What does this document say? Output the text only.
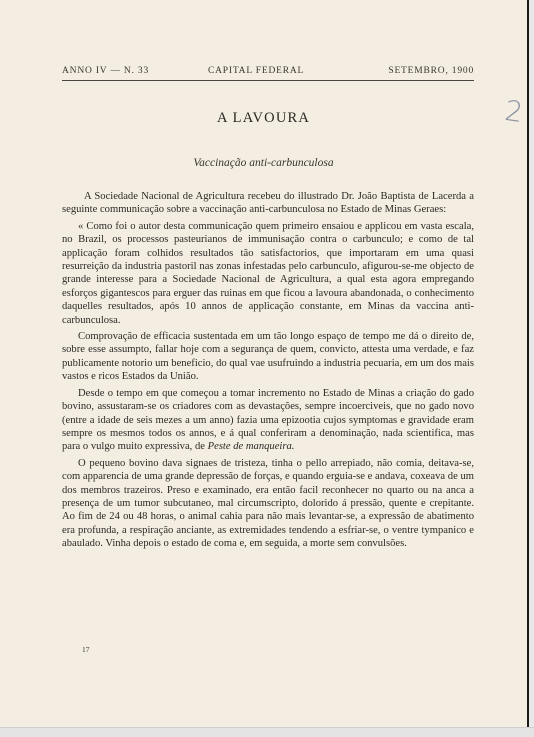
ANNO IV — N. 33	CAPITAL FEDERAL	SETEMBRO, 1900
2
A LAVOURA
Vaccinação anti-carbunculosa

A Sociedade Nacional de Agricultura recebeu do illustrado Dr. João Baptista de Lacerda a seguinte communicação sobre a vaccinação anti-carbunculosa no Estado de Minas Geraes:

« Como foi o autor desta communicação quem primeiro ensaiou e applicou em vasta escala, no Brazil, os processos pasteurianos de immunisação contra o carbunculo; e como de tal applicação foram colhidos resultados tão satisfactorios, que importaram em uma quasi resurreição da industria pastoril nas zonas infestadas pelo carbunculo, afigurou-se-me objecto de grande interesse para a Sociedade Nacional de Agricultura, a qual esta agora empregando esforços gigantescos para erguer das ruinas em que ficou a lavoura abandonada, o conhecimento daquelles resultados, após 10 annos de applicação constante, em Minas da vaccina anti-carbunculosa.

Comprovação de efficacia sustentada em um tão longo espaço de tempo me dá o direito de, sobre esse assumpto, fallar hoje com a segurança de quem, convicto, attesta uma verdade, e faz publicamente notorio um beneficio, do qual vae usufruindo a industria pecuaria, em um dos mais vastos e ricos Estados da União.

Desde o tempo em que começou a tomar incremento no Estado de Minas a criação do gado bovino, assustaram-se os criadores com as devastações, sempre incoerciveis, que no gado novo (entre a idade de seis mezes a um anno) fazia uma epizootia cujos symptomas e gravidade eram sempre os mesmos todos os annos, e á qual conferiram a denominação, nada scientifica, mas para o vulgo muito expressiva, de Peste de manqueira.

O pequeno bovino dava signaes de tristeza, tinha o pello arrepiado, não comia, deitava-se, com apparencia de uma grande depressão de forças, e quando erguia-se e andava, coxeava de um dos membros trazeiros. Preso e examinado, era então facil reconhecer no quarto ou na anca a presença de um tumor subcutaneo, mal circumscripto, dolorido á pressão, quente e crepitante. Ao fim de 24 ou 48 horas, o animal cahia para não mais levantar-se, a expressão de abatimento era profunda, a respiração anciante, as extremidades tendendo a esfriar-se, o ventre tympanico e abaulado. Vinha depois o estado de coma e, em seguida, a morte sem convulsões.

17
